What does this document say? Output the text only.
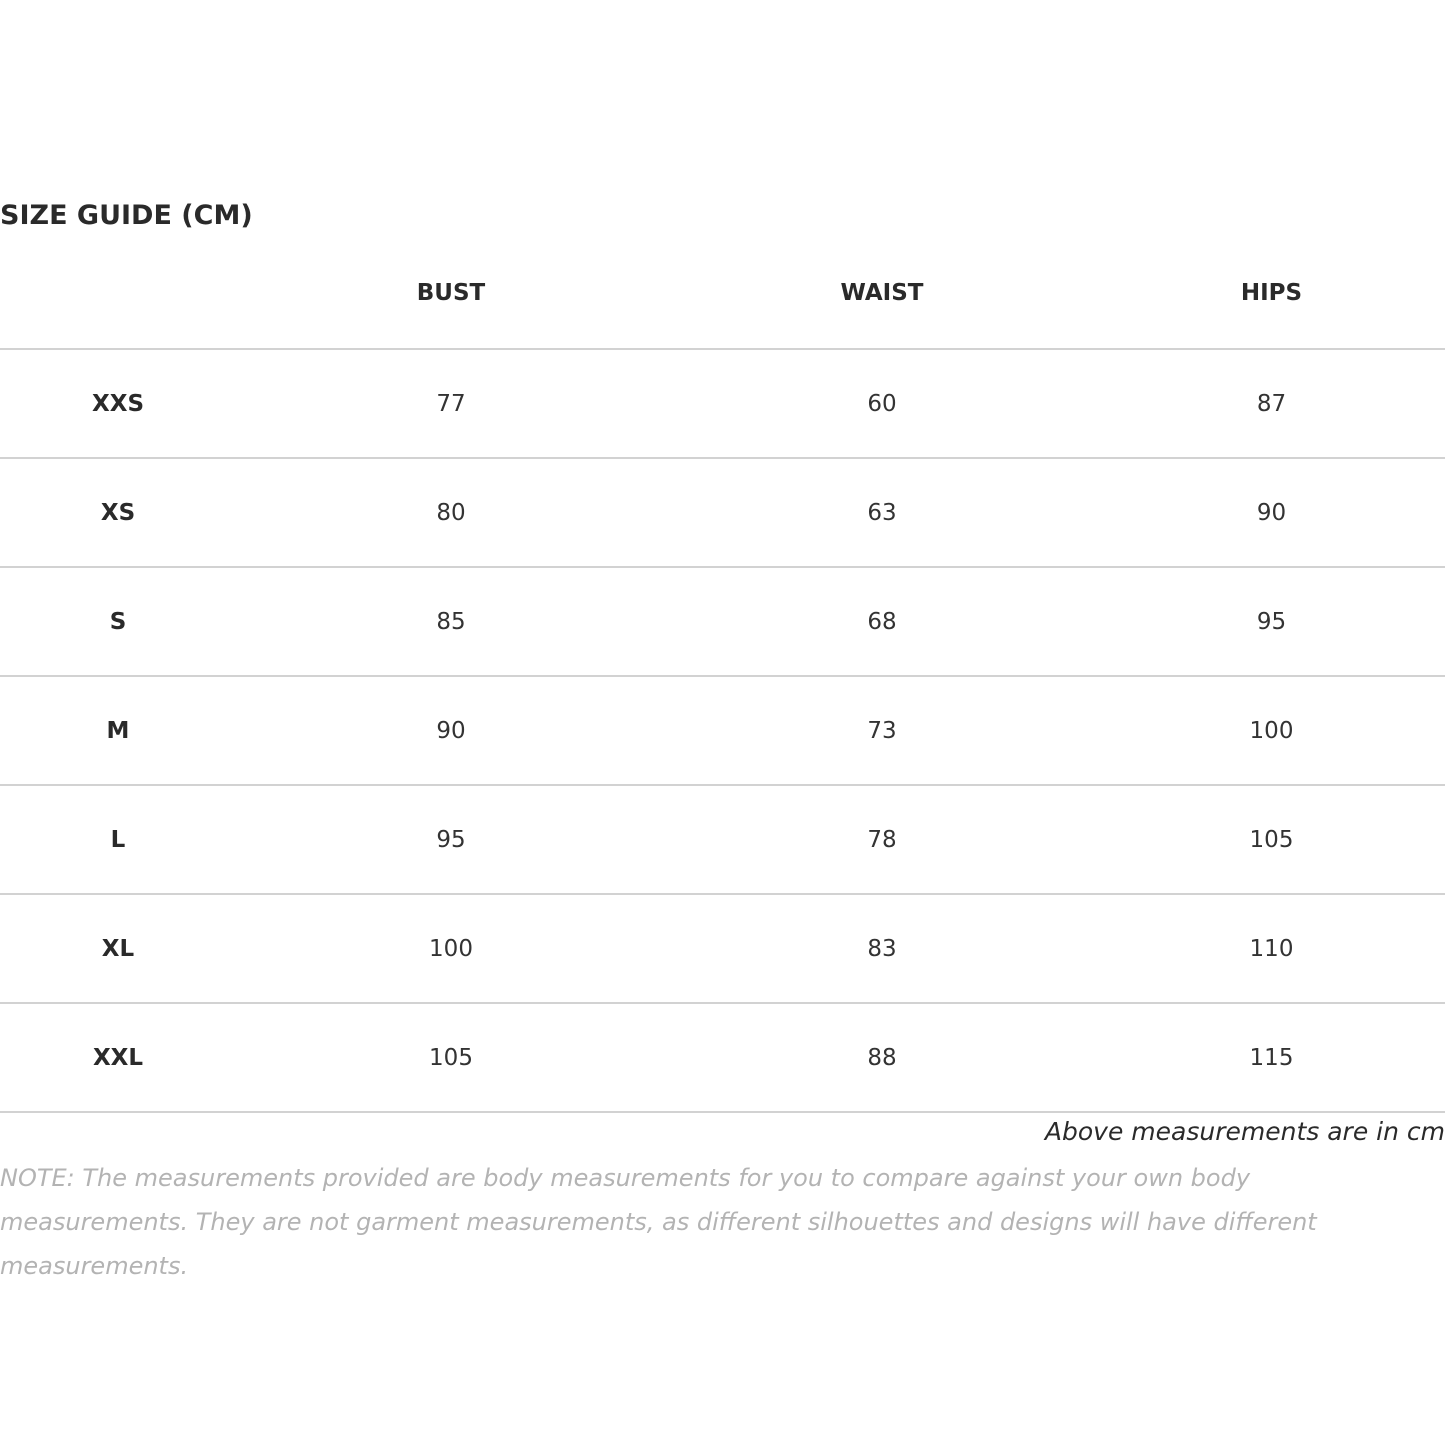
SIZE GUIDE (CM)
	BUST	WAIST	HIPS
XXS	77	60	87
XS	80	63	90
S	85	68	95
M	90	73	100
L	95	78	105
XL	100	83	110
XXL	105	88	115
Above measurements are in cm
NOTE: The measurements provided are body measurements for you to compare against your own body measurements. They are not garment measurements, as different silhouettes and designs will have different measurements.
